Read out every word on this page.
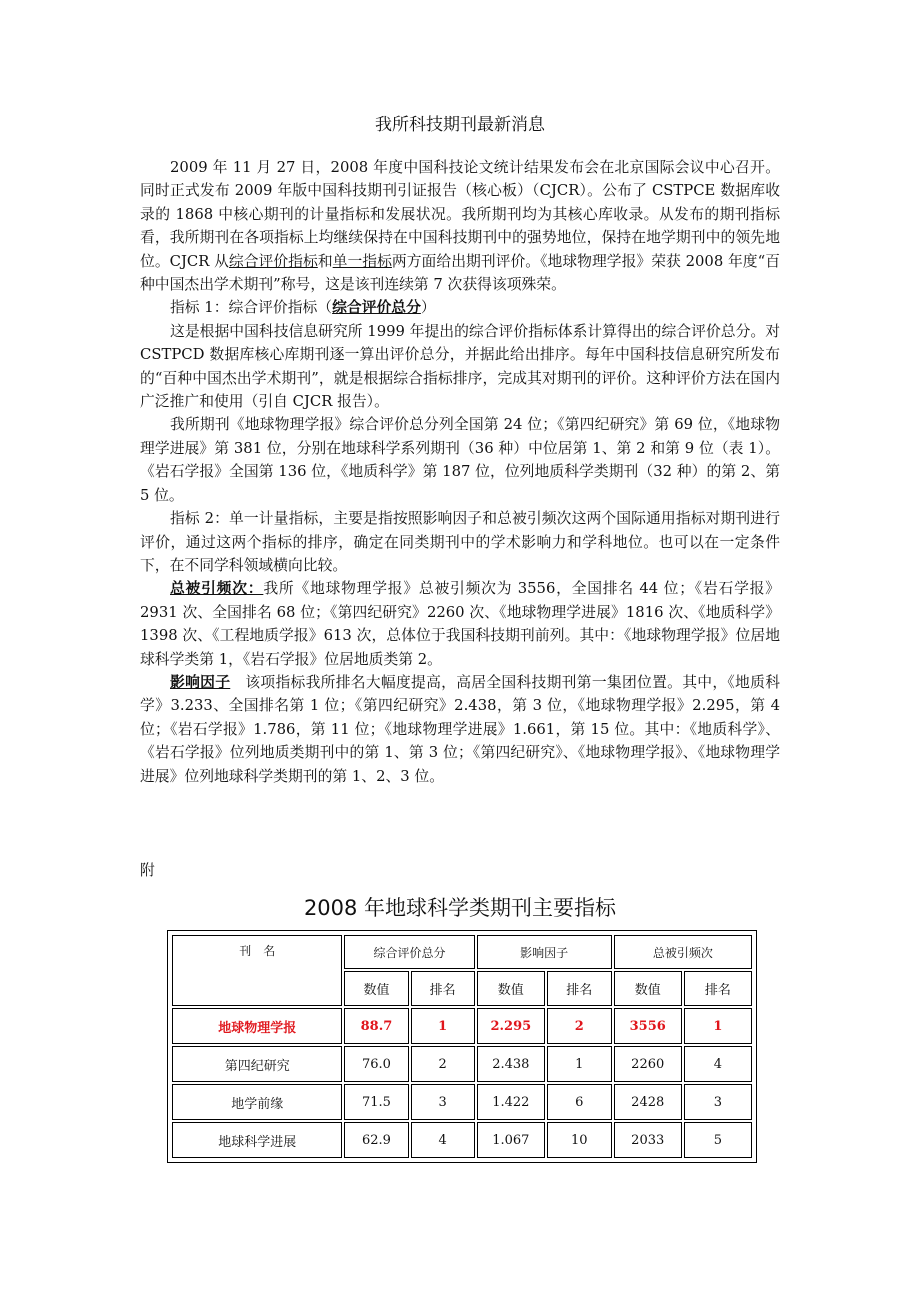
我所科技期刊最新消息

2009 年 11 月 27 日，2008 年度中国科技论文统计结果发布会在北京国际会议中心召开。同时正式发布 2009 年版中国科技期刊引证报告（核心板）（CJCR）。公布了 CSTPCE 数据库收录的 1868 中核心期刊的计量指标和发展状况。我所期刊均为其核心库收录。从发布的期刊指标看，我所期刊在各项指标上均继续保持在中国科技期刊中的强势地位，保持在地学期刊中的领先地位。CJCR 从综合评价指标和单一指标两方面给出期刊评价。《地球物理学报》荣获 2008 年度“百种中国杰出学术期刊”称号，这是该刊连续第 7 次获得该项殊荣。

指标 1：综合评价指标（综合评价总分）

这是根据中国科技信息研究所 1999 年提出的综合评价指标体系计算得出的综合评价总分。对 CSTPCD 数据库核心库期刊逐一算出评价总分，并据此给出排序。每年中国科技信息研究所发布的“百种中国杰出学术期刊”，就是根据综合指标排序，完成其对期刊的评价。这种评价方法在国内广泛推广和使用（引自 CJCR 报告）。

我所期刊《地球物理学报》综合评价总分列全国第 24 位；《第四纪研究》第 69 位，《地球物理学进展》第 381 位，分别在地球科学系列期刊（36 种）中位居第 1、第 2 和第 9 位（表 1）。《岩石学报》全国第 136 位，《地质科学》第 187 位，位列地质科学类期刊（32 种）的第 2、第 5 位。

指标 2：单一计量指标，主要是指按照影响因子和总被引频次这两个国际通用指标对期刊进行评价，通过这两个指标的排序，确定在同类期刊中的学术影响力和学科地位。也可以在一定条件下，在不同学科领域横向比较。

总被引频次：我所《地球物理学报》总被引频次为 3556，全国排名 44 位；《岩石学报》2931 次、全国排名 68 位；《第四纪研究》2260 次、《地球物理学进展》1816 次、《地质科学》1398 次、《工程地质学报》613 次，总体位于我国科技期刊前列。其中：《地球物理学报》位居地球科学类第 1，《岩石学报》位居地质类第 2。

影响因子　该项指标我所排名大幅度提高，高居全国科技期刊第一集团位置。其中，《地质科学》3.233、全国排名第 1 位；《第四纪研究》2.438，第 3 位，《地球物理学报》2.295，第 4 位；《岩石学报》1.786，第 11 位；《地球物理学进展》1.661，第 15 位。其中：《地质科学》、《岩石学报》位列地质类期刊中的第 1、第 3 位；《第四纪研究》、《地球物理学报》、《地球物理学进展》位列地球科学类期刊的第 1、2、3 位。

附
2008 年地球科学类期刊主要指标
刊　名	综合评价总分		影响因子		总被引频次	
	数值	排名	数值	排名	数值	排名
地球物理学报	88.7	1	2.295	2	3556	1
第四纪研究	76.0	2	2.438	1	2260	4
地学前缘	71.5	3	1.422	6	2428	3
地球科学进展	62.9	4	1.067	10	2033	5
